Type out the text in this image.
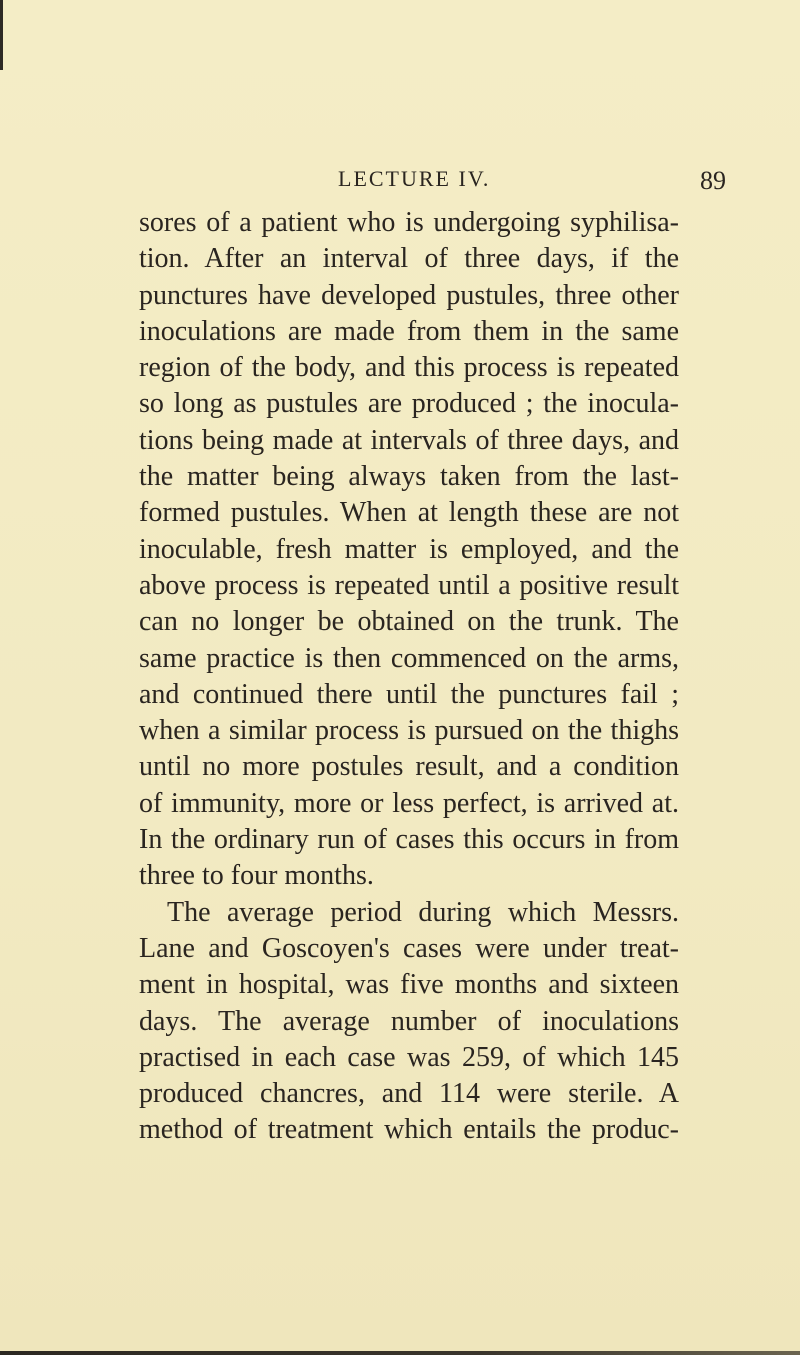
LECTURE IV.	89
sores of a patient who is undergoing syphilisa-
tion. After an interval of three days, if the
punctures have developed pustules, three other
inoculations are made from them in the same
region of the body, and this process is repeated
so long as pustules are produced ; the inocula-
tions being made at intervals of three days, and
the matter being always taken from the last-
formed pustules. When at length these are not
inoculable, fresh matter is employed, and the
above process is repeated until a positive result
can no longer be obtained on the trunk. The
same practice is then commenced on the arms,
and continued there until the punctures fail ;
when a similar process is pursued on the thighs
until no more postules result, and a condition
of immunity, more or less perfect, is arrived at.
In the ordinary run of cases this occurs in from
three to four months.
The average period during which Messrs.
Lane and Goscoyen's cases were under treat-
ment in hospital, was five months and sixteen
days. The average number of inoculations
practised in each case was 259, of which 145
produced chancres, and 114 were sterile. A
method of treatment which entails the produc-
